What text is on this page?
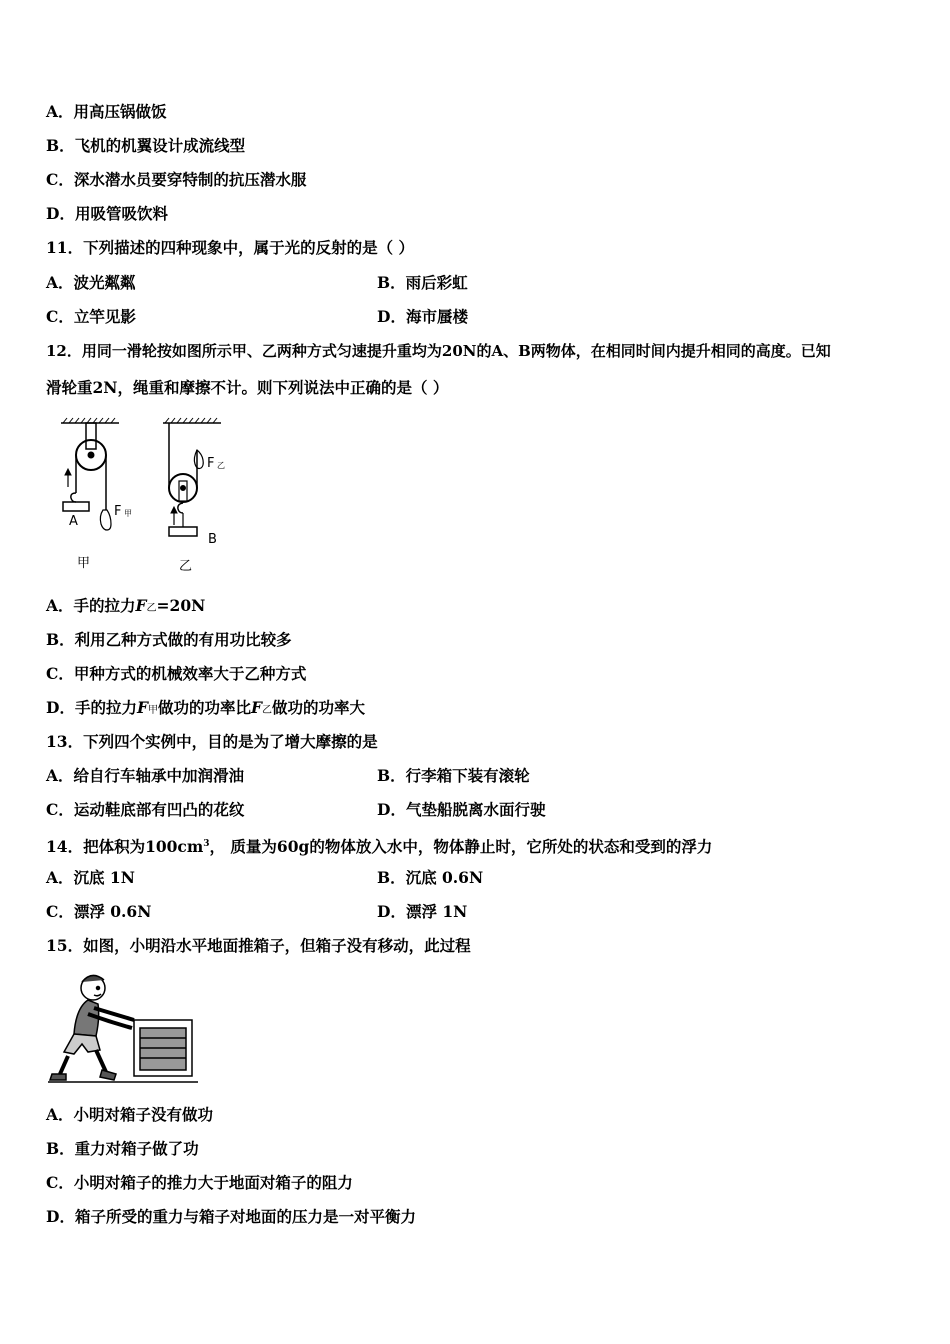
A．用高压锅做饭
B．飞机的机翼设计成流线型
C．深水潜水员要穿特制的抗压潜水服
D．用吸管吸饮料
11．下列描述的四种现象中，属于光的反射的是（ ）
A．波光粼粼	B．雨后彩虹
C．立竿见影	D．海市蜃楼
12．用同一滑轮按如图所示甲、乙两种方式匀速提升重均为20N的A、B两物体，在相同时间内提升相同的高度。已知
滑轮重2N，绳重和摩擦不计。则下列说法中正确的是（ ）
A
F 甲
甲
F 乙
B
乙
A．手的拉力F乙=20N
B．利用乙种方式做的有用功比较多
C．甲种方式的机械效率大于乙种方式
D．手的拉力F甲做功的功率比F乙做功的功率大
13．下列四个实例中，目的是为了增大摩擦的是
A．给自行车轴承中加润滑油	B．行李箱下装有滚轮
C．运动鞋底部有凹凸的花纹	D．气垫船脱离水面行驶
14．把体积为$100cm^3$， 质量为60g的物体放入水中，物体静止时，它所处的状态和受到的浮力
A．沉底 1N	B．沉底 0.6N
C．漂浮 0.6N	D．漂浮 1N
15．如图，小明沿水平地面推箱子，但箱子没有移动，此过程
A．小明对箱子没有做功
B．重力对箱子做了功
C．小明对箱子的推力大于地面对箱子的阻力
D．箱子所受的重力与箱子对地面的压力是一对平衡力
